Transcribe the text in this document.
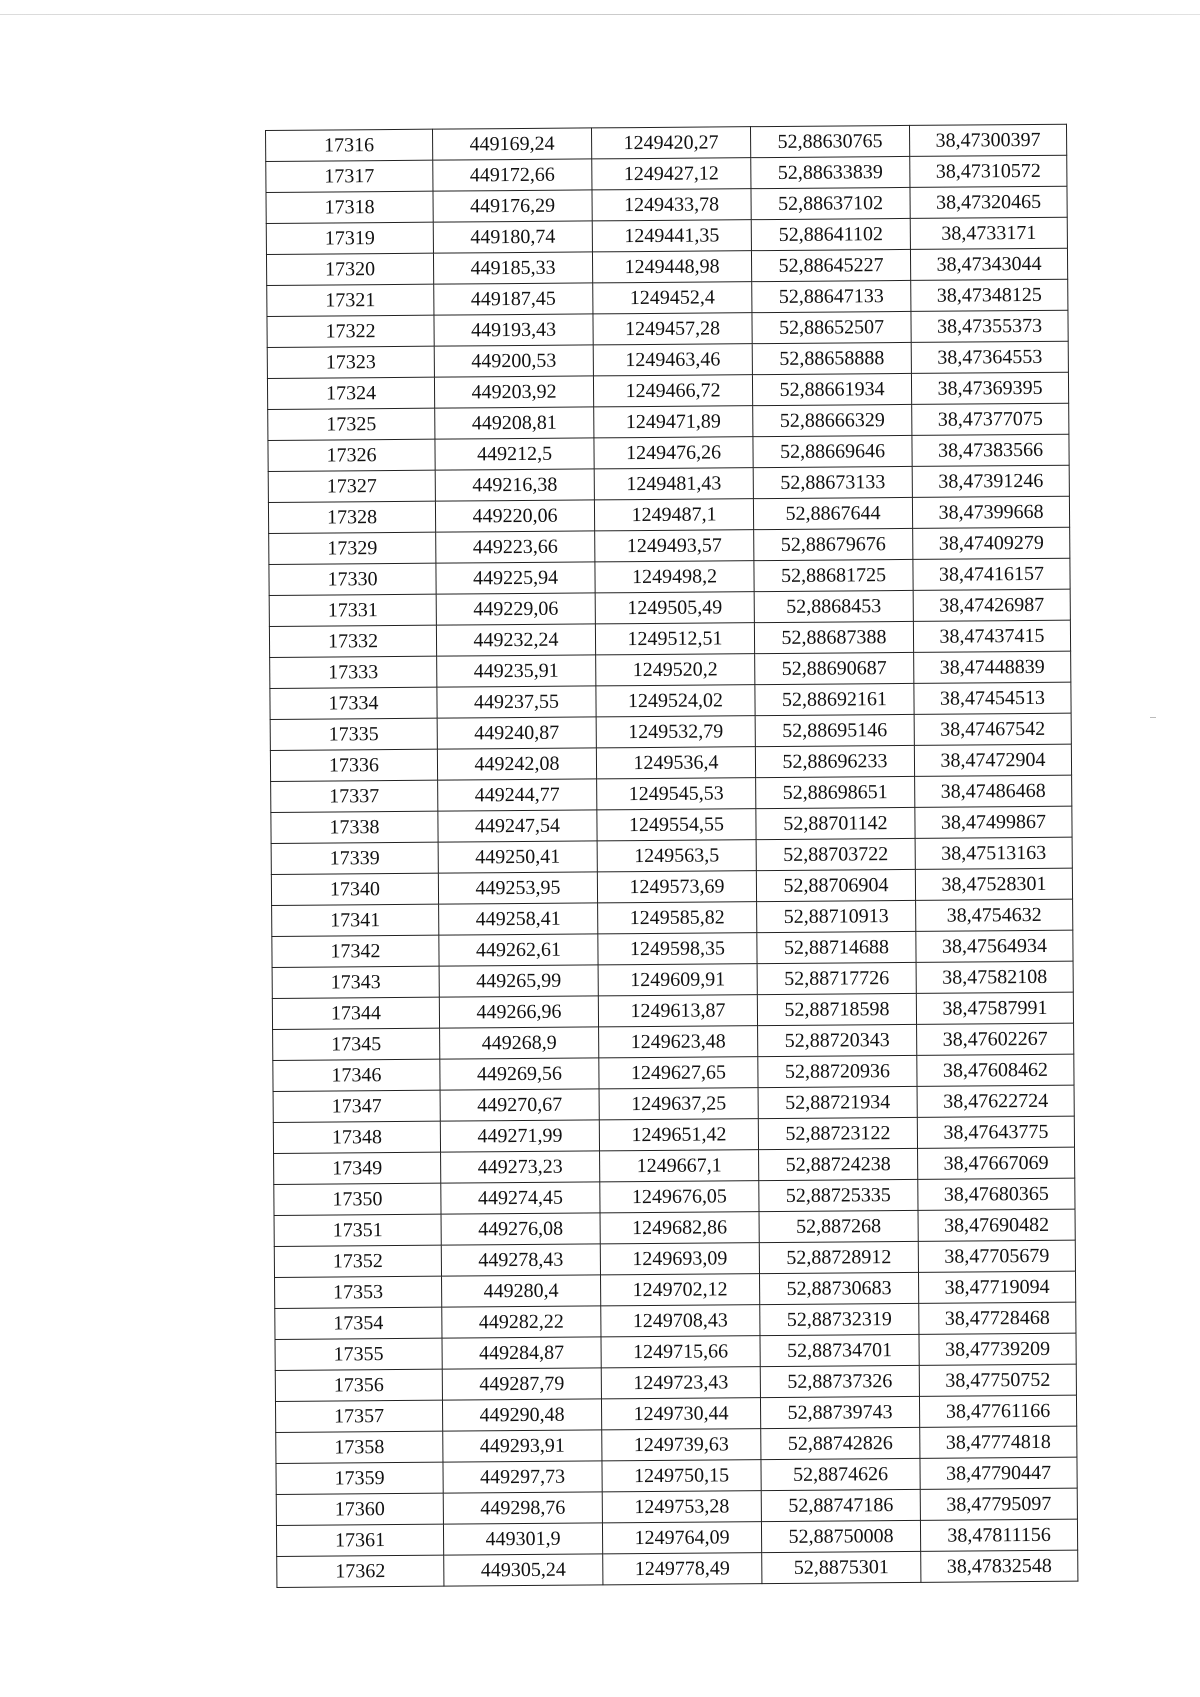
17316	449169,24	1249420,27	52,88630765	38,47300397
17317	449172,66	1249427,12	52,88633839	38,47310572
17318	449176,29	1249433,78	52,88637102	38,47320465
17319	449180,74	1249441,35	52,88641102	38,4733171
17320	449185,33	1249448,98	52,88645227	38,47343044
17321	449187,45	1249452,4	52,88647133	38,47348125
17322	449193,43	1249457,28	52,88652507	38,47355373
17323	449200,53	1249463,46	52,88658888	38,47364553
17324	449203,92	1249466,72	52,88661934	38,47369395
17325	449208,81	1249471,89	52,88666329	38,47377075
17326	449212,5	1249476,26	52,88669646	38,47383566
17327	449216,38	1249481,43	52,88673133	38,47391246
17328	449220,06	1249487,1	52,8867644	38,47399668
17329	449223,66	1249493,57	52,88679676	38,47409279
17330	449225,94	1249498,2	52,88681725	38,47416157
17331	449229,06	1249505,49	52,8868453	38,47426987
17332	449232,24	1249512,51	52,88687388	38,47437415
17333	449235,91	1249520,2	52,88690687	38,47448839
17334	449237,55	1249524,02	52,88692161	38,47454513
17335	449240,87	1249532,79	52,88695146	38,47467542
17336	449242,08	1249536,4	52,88696233	38,47472904
17337	449244,77	1249545,53	52,88698651	38,47486468
17338	449247,54	1249554,55	52,88701142	38,47499867
17339	449250,41	1249563,5	52,88703722	38,47513163
17340	449253,95	1249573,69	52,88706904	38,47528301
17341	449258,41	1249585,82	52,88710913	38,4754632
17342	449262,61	1249598,35	52,88714688	38,47564934
17343	449265,99	1249609,91	52,88717726	38,47582108
17344	449266,96	1249613,87	52,88718598	38,47587991
17345	449268,9	1249623,48	52,88720343	38,47602267
17346	449269,56	1249627,65	52,88720936	38,47608462
17347	449270,67	1249637,25	52,88721934	38,47622724
17348	449271,99	1249651,42	52,88723122	38,47643775
17349	449273,23	1249667,1	52,88724238	38,47667069
17350	449274,45	1249676,05	52,88725335	38,47680365
17351	449276,08	1249682,86	52,887268	38,47690482
17352	449278,43	1249693,09	52,88728912	38,47705679
17353	449280,4	1249702,12	52,88730683	38,47719094
17354	449282,22	1249708,43	52,88732319	38,47728468
17355	449284,87	1249715,66	52,88734701	38,47739209
17356	449287,79	1249723,43	52,88737326	38,47750752
17357	449290,48	1249730,44	52,88739743	38,47761166
17358	449293,91	1249739,63	52,88742826	38,47774818
17359	449297,73	1249750,15	52,8874626	38,47790447
17360	449298,76	1249753,28	52,88747186	38,47795097
17361	449301,9	1249764,09	52,88750008	38,47811156
17362	449305,24	1249778,49	52,8875301	38,47832548
